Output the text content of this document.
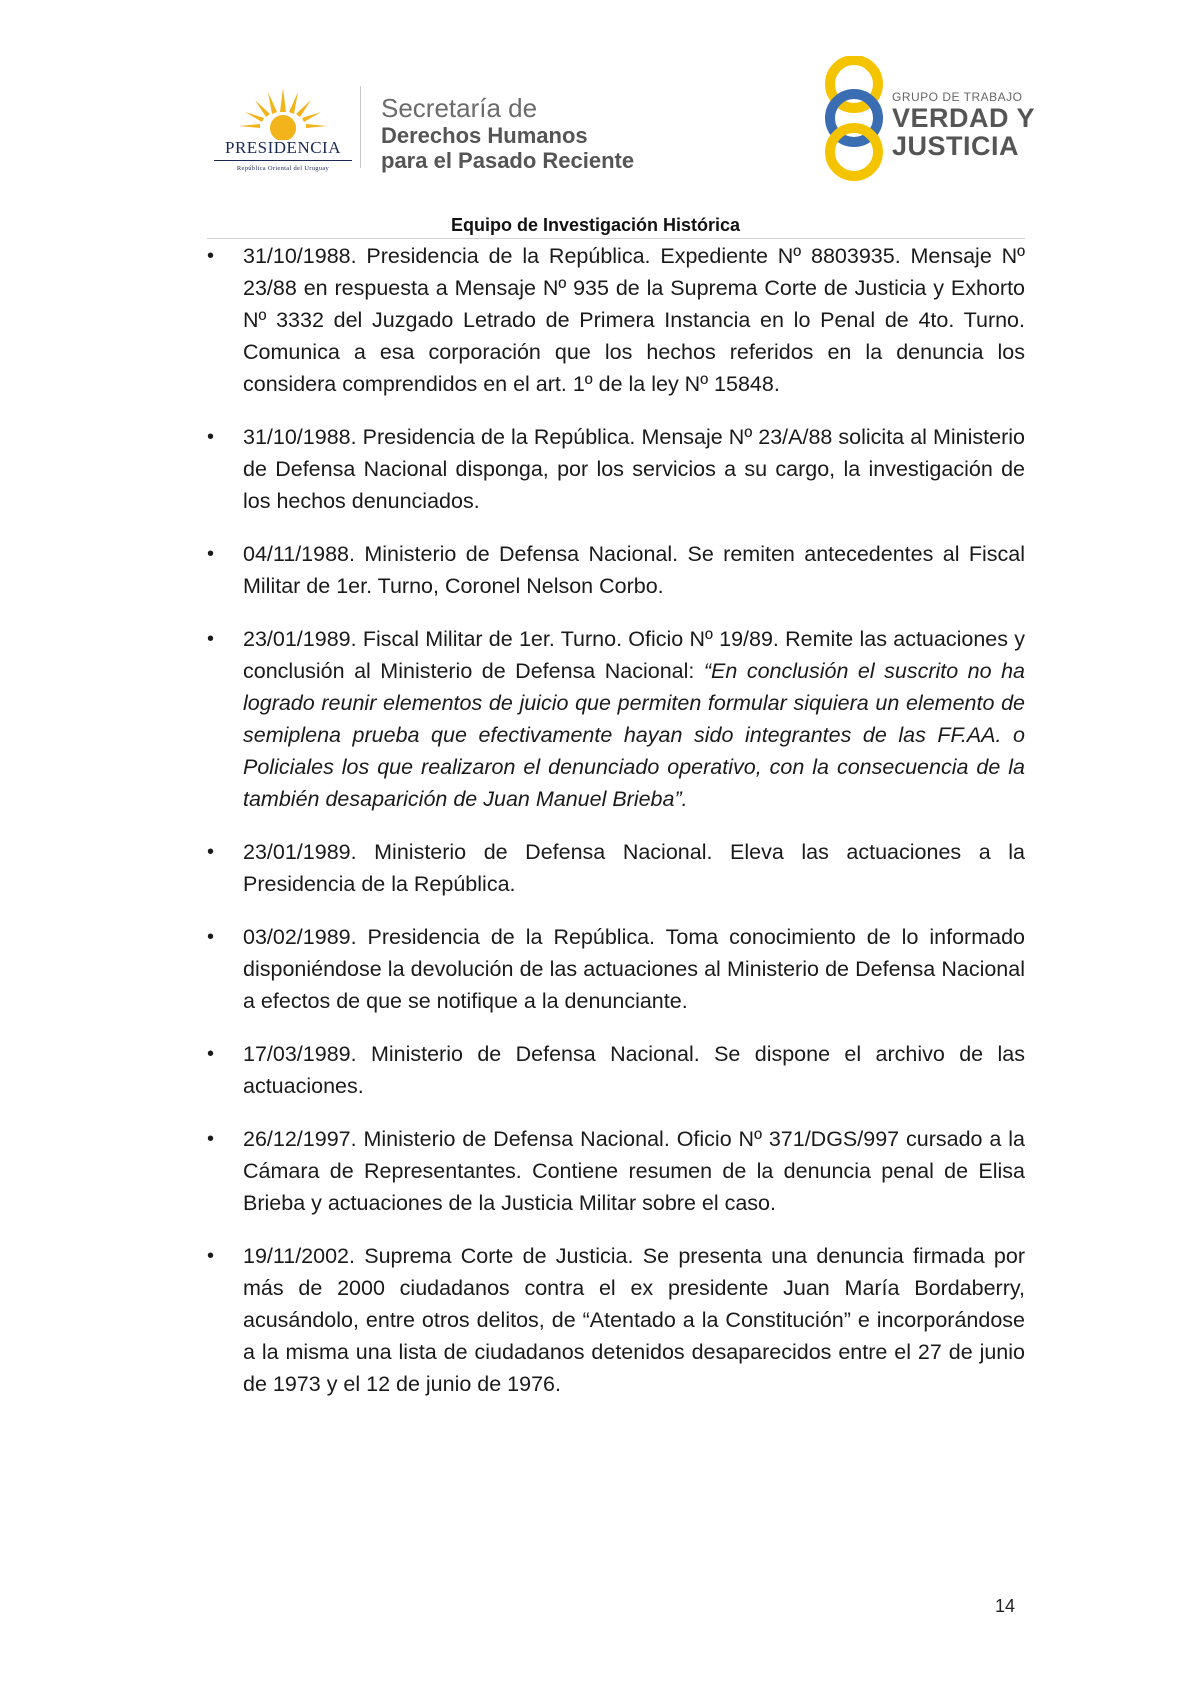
PRESIDENCIA
República Oriental del Uruguay
Secretaría de
Derechos Humanos
para el Pasado Reciente
GRUPO DE TRABAJO
VERDAD Y
JUSTICIA
Equipo de Investigación Histórica
• 31/10/1988. Presidencia de la República. Expediente Nº 8803935. Mensaje Nº 23/88 en respuesta a Mensaje Nº 935 de la Suprema Corte de Justicia y Exhorto Nº 3332 del Juzgado Letrado de Primera Instancia en lo Penal de 4to. Turno. Comunica a esa corporación que los hechos referidos en la denuncia los considera comprendidos en el art. 1º de la ley Nº 15848.
• 31/10/1988. Presidencia de la República. Mensaje Nº 23/A/88 solicita al Ministerio de Defensa Nacional disponga, por los servicios a su cargo, la investigación de los hechos denunciados.
• 04/11/1988. Ministerio de Defensa Nacional. Se remiten antecedentes al Fiscal Militar de 1er. Turno, Coronel Nelson Corbo.
• 23/01/1989. Fiscal Militar de 1er. Turno. Oficio Nº 19/89. Remite las actuaciones y conclusión al Ministerio de Defensa Nacional: “En conclusión el suscrito no ha logrado reunir elementos de juicio que permiten formular siquiera un elemento de semiplena prueba que efectivamente hayan sido integrantes de las FF.AA. o Policiales los que realizaron el denunciado operativo, con la consecuencia de la también desaparición de Juan Manuel Brieba”.
• 23/01/1989. Ministerio de Defensa Nacional. Eleva las actuaciones a la Presidencia de la República.
• 03/02/1989. Presidencia de la República. Toma conocimiento de lo informado disponiéndose la devolución de las actuaciones al Ministerio de Defensa Nacional a efectos de que se notifique a la denunciante.
• 17/03/1989. Ministerio de Defensa Nacional. Se dispone el archivo de las actuaciones.
• 26/12/1997. Ministerio de Defensa Nacional. Oficio Nº 371/DGS/997 cursado a la Cámara de Representantes. Contiene resumen de la denuncia penal de Elisa Brieba y actuaciones de la Justicia Militar sobre el caso.
• 19/11/2002. Suprema Corte de Justicia. Se presenta una denuncia firmada por más de 2000 ciudadanos contra el ex presidente Juan María Bordaberry, acusándolo, entre otros delitos, de “Atentado a la Constitución” e incorporándose a la misma una lista de ciudadanos detenidos desaparecidos entre el 27 de junio de 1973 y el 12 de junio de 1976.
14
